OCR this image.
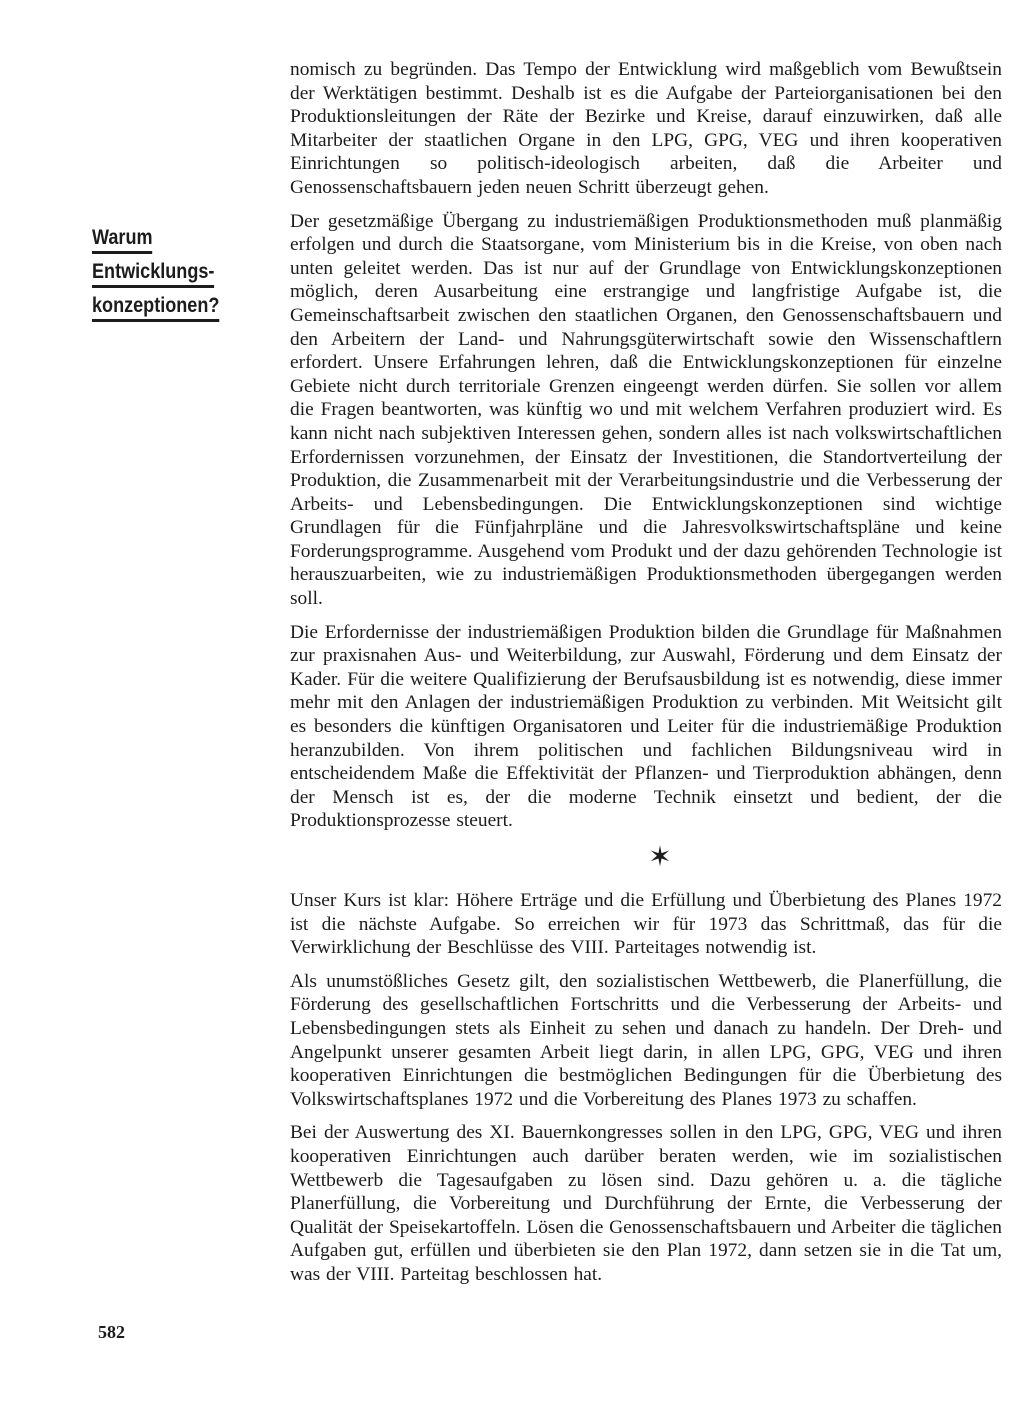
Warum
Entwicklungs-
konzeptionen?

nomisch zu begründen. Das Tempo der Entwicklung wird maßgeblich vom Bewußtsein der Werktätigen bestimmt. Deshalb ist es die Aufgabe der Parteiorganisationen bei den Produktionsleitungen der Räte der Bezirke und Kreise, darauf einzuwirken, daß alle Mitarbeiter der staatlichen Organe in den LPG, GPG, VEG und ihren kooperativen Einrichtungen so politisch-ideologisch arbeiten, daß die Arbeiter und Genossenschaftsbauern jeden neuen Schritt überzeugt gehen.

Der gesetzmäßige Übergang zu industriemäßigen Produktionsmethoden muß planmäßig erfolgen und durch die Staatsorgane, vom Ministerium bis in die Kreise, von oben nach unten geleitet werden. Das ist nur auf der Grundlage von Entwicklungskonzeptionen möglich, deren Ausarbeitung eine erstrangige und langfristige Aufgabe ist, die Gemeinschaftsarbeit zwischen den staatlichen Organen, den Genossenschaftsbauern und den Arbeitern der Land- und Nahrungsgüterwirtschaft sowie den Wissenschaftlern erfordert. Unsere Erfahrungen lehren, daß die Entwicklungskonzeptionen für einzelne Gebiete nicht durch territoriale Grenzen eingeengt werden dürfen. Sie sollen vor allem die Fragen beantworten, was künftig wo und mit welchem Verfahren produziert wird. Es kann nicht nach subjektiven Interessen gehen, sondern alles ist nach volkswirtschaftlichen Erfordernissen vorzunehmen, der Einsatz der Investitionen, die Standortverteilung der Produktion, die Zusammenarbeit mit der Verarbeitungsindustrie und die Verbesserung der Arbeits- und Lebensbedingungen. Die Entwicklungskonzeptionen sind wichtige Grundlagen für die Fünfjahrpläne und die Jahresvolkswirtschaftspläne und keine Forderungsprogramme. Ausgehend vom Produkt und der dazu gehörenden Technologie ist herauszuarbeiten, wie zu industriemäßigen Produktionsmethoden übergegangen werden soll.

Die Erfordernisse der industriemäßigen Produktion bilden die Grundlage für Maßnahmen zur praxisnahen Aus- und Weiterbildung, zur Auswahl, Förderung und dem Einsatz der Kader. Für die weitere Qualifizierung der Berufsausbildung ist es notwendig, diese immer mehr mit den Anlagen der industriemäßigen Produktion zu verbinden. Mit Weitsicht gilt es besonders die künftigen Organisatoren und Leiter für die industriemäßige Produktion heranzubilden. Von ihrem politischen und fachlichen Bildungsniveau wird in entscheidendem Maße die Effektivität der Pflanzen- und Tierproduktion abhängen, denn der Mensch ist es, der die moderne Technik einsetzt und bedient, der die Produktionsprozesse steuert.

✶

Unser Kurs ist klar: Höhere Erträge und die Erfüllung und Überbietung des Planes 1972 ist die nächste Aufgabe. So erreichen wir für 1973 das Schrittmaß, das für die Verwirklichung der Beschlüsse des VIII. Parteitages notwendig ist.

Als unumstößliches Gesetz gilt, den sozialistischen Wettbewerb, die Planerfüllung, die Förderung des gesellschaftlichen Fortschritts und die Verbesserung der Arbeits- und Lebensbedingungen stets als Einheit zu sehen und danach zu handeln. Der Dreh- und Angelpunkt unserer gesamten Arbeit liegt darin, in allen LPG, GPG, VEG und ihren kooperativen Einrichtungen die bestmöglichen Bedingungen für die Überbietung des Volkswirtschaftsplanes 1972 und die Vorbereitung des Planes 1973 zu schaffen.

Bei der Auswertung des XI. Bauernkongresses sollen in den LPG, GPG, VEG und ihren kooperativen Einrichtungen auch darüber beraten werden, wie im sozialistischen Wettbewerb die Tagesaufgaben zu lösen sind. Dazu gehören u. a. die tägliche Planerfüllung, die Vorbereitung und Durchführung der Ernte, die Verbesserung der Qualität der Speisekartoffeln. Lösen die Genossenschaftsbauern und Arbeiter die täglichen Aufgaben gut, erfüllen und überbieten sie den Plan 1972, dann setzen sie in die Tat um, was der VIII. Parteitag beschlossen hat.

582
